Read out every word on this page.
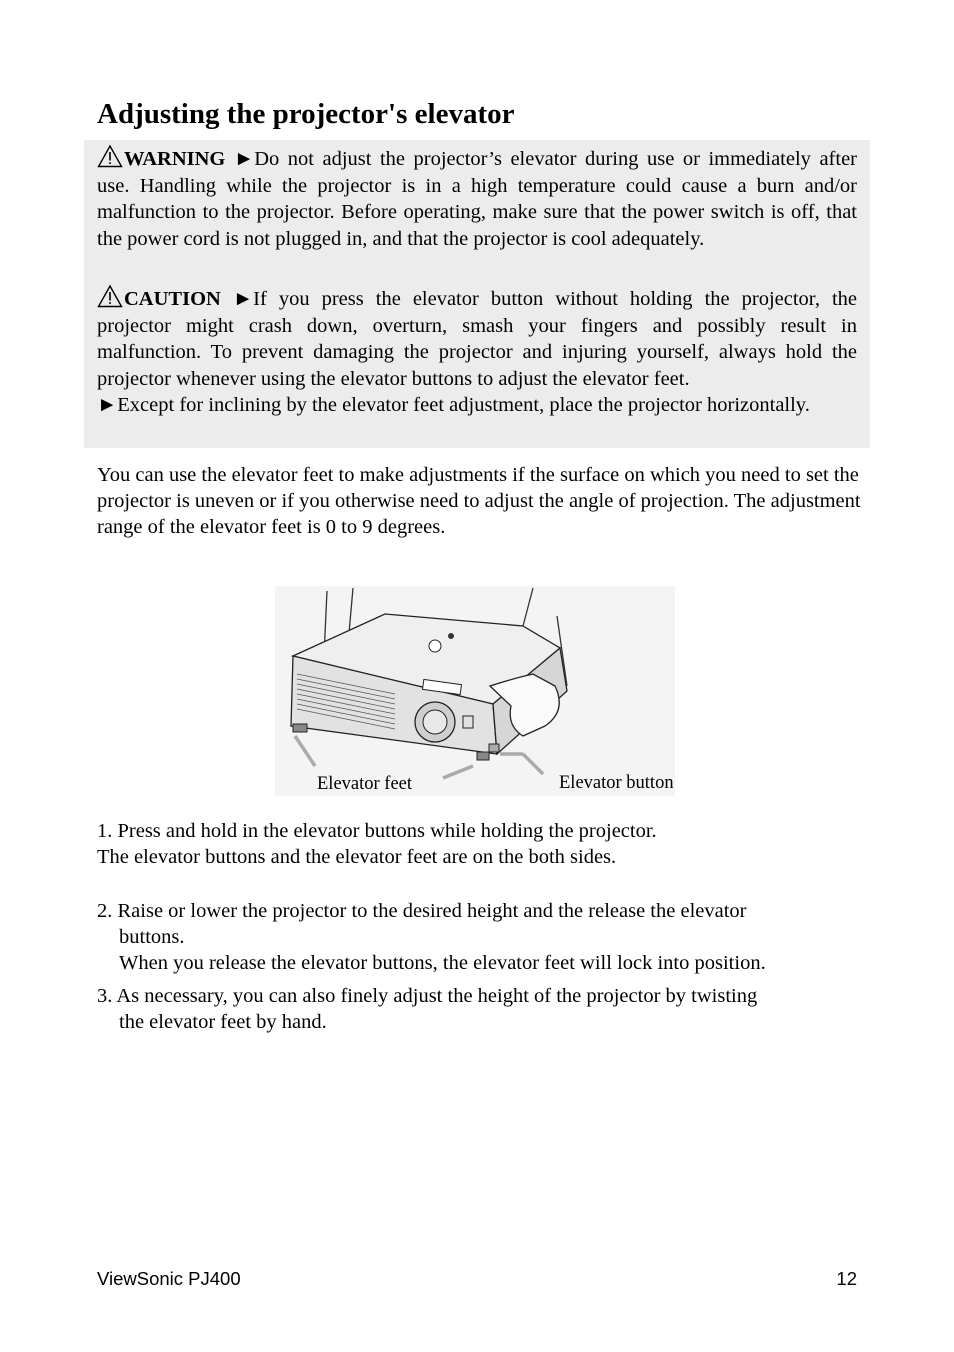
Adjusting the projector's elevator
WARNING ►Do not adjust the projector’s elevator during use or immediately after use. Handling while the projector is in a high temperature could cause a burn and/or malfunction to the projector. Before operating, make sure that the power switch is off, that the power cord is not plugged in, and that the projector is cool adequately.
CAUTION ►If you press the elevator button without holding the projector, the projector might crash down, overturn, smash your fingers and possibly result in malfunction. To prevent damaging the projector and injuring yourself, always hold the projector whenever using the elevator buttons to adjust the elevator feet.
►Except for inclining by the elevator feet adjustment, place the projector horizontally.

You can use the elevator feet to make adjustments if the surface on which you need to set the projector is uneven or if you otherwise need to adjust the angle of projection. The adjustment range of the elevator feet is 0 to 9 degrees.

Elevator feet	Elevator button
1. Press and hold in the elevator buttons while holding the projector.
The elevator buttons and the elevator feet are on the both sides.
2. Raise or lower the projector to the desired height and the release the elevator
buttons.
When you release the elevator buttons, the elevator feet will lock into position.
3. As necessary, you can also finely adjust the height of the projector by twisting
the elevator feet by hand.
ViewSonic PJ400	12
